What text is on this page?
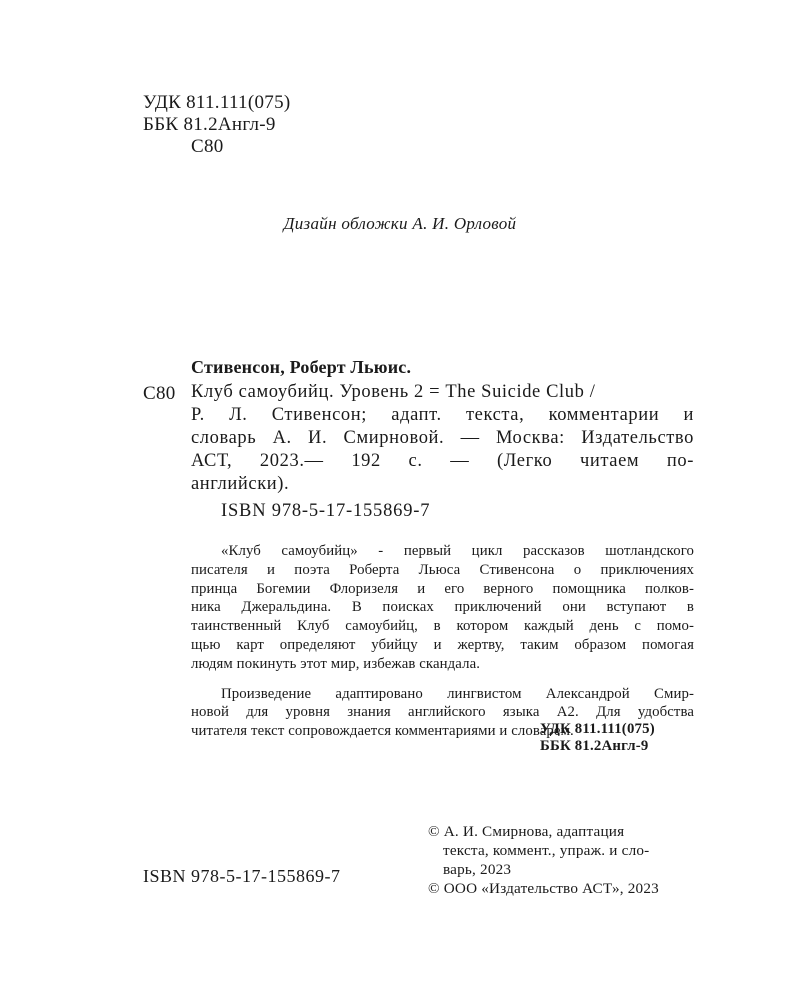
УДК 811.111(075)
ББК 81.2Англ-9
С80
Дизайн обложки А. И. Орловой
Стивенсон, Роберт Льюис.
С80 Клуб самоубийц. Уровень 2 = The Suicide Club /
Р. Л. Стивенсон; адапт. текста, комментарии и
словарь А. И. Смирновой. — Москва: Издательство
АСТ, 2023.— 192 с. — (Легко читаем по-
английски).
ISBN 978-5-17-155869-7
«Клуб самоубийц» - первый цикл рассказов шотландского
писателя и поэта Роберта Льюса Стивенсона о приключениях
принца Богемии Флоризеля и его верного помощника полков-
ника Джеральдина. В поисках приключений они вступают в
таинственный Клуб самоубийц, в котором каждый день с помо-
щью карт определяют убийцу и жертву, таким образом помогая
людям покинуть этот мир, избежав скандала.
Произведение адаптировано лингвистом Александрой Смир-
новой для уровня знания английского языка А2. Для удобства
читателя текст сопровождается комментариями и словарем.
УДК 811.111(075)
ББК 81.2Англ-9
ISBN 978-5-17-155869-7
© А. И. Смирнова, адаптация
текста, коммент., упраж. и сло-
варь, 2023
© ООО «Издательство АСТ», 2023
